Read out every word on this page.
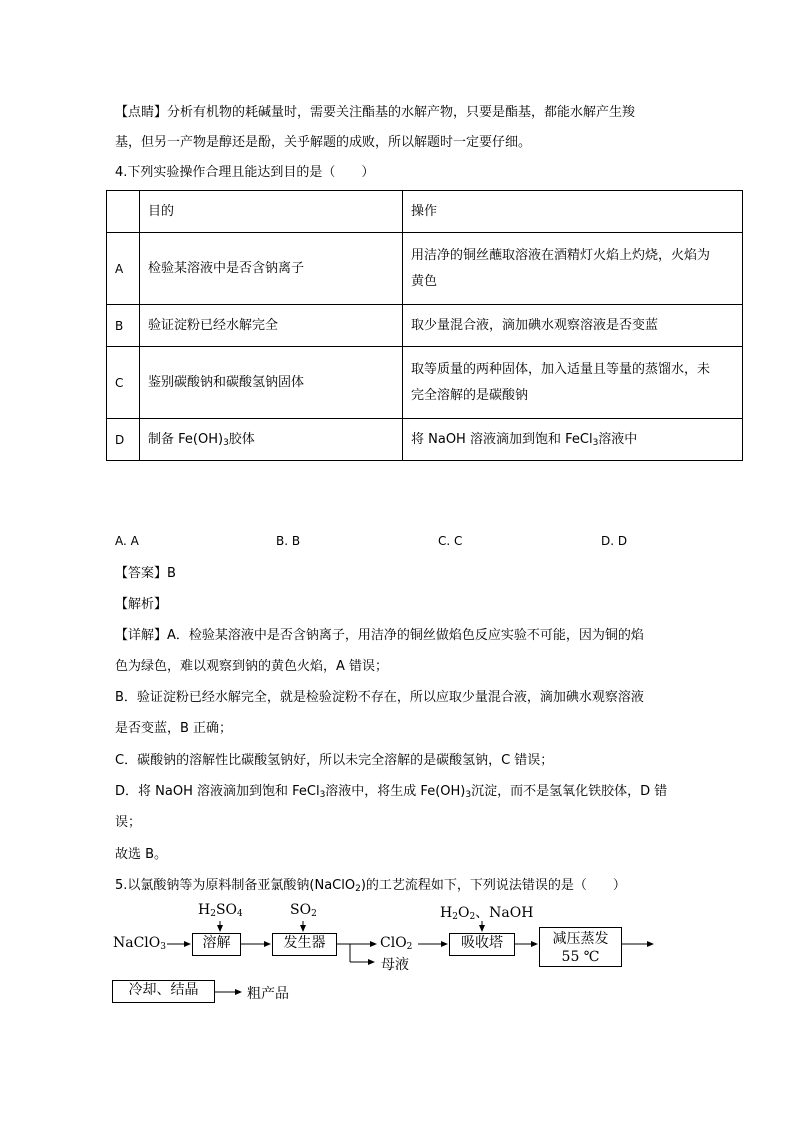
【点睛】分析有机物的耗碱量时，需要关注酯基的水解产物，只要是酯基，都能水解产生羧
基，但另一产物是醇还是酚，关乎解题的成败，所以解题时一定要仔细。
4.下列实验操作合理且能达到目的是（　　）
	目的	操作
A	检验某溶液中是否含钠离子	用洁净的铜丝蘸取溶液在酒精灯火焰上灼烧，火焰为
黄色

B	验证淀粉已经水解完全	取少量混合液，滴加碘水观察溶液是否变蓝
C	鉴别碳酸钠和碳酸氢钠固体	取等质量的两种固体，加入适量且等量的蒸馏水，未
完全溶解的是碳酸钠

D	制备 $Fe(OH)_3$胶体	将 NaOH 溶液滴加到饱和 FeCl$_3$溶液中
A. A	B. B	C. C	D. D
【答案】B
【解析】
【详解】A．检验某溶液中是否含钠离子，用洁净的铜丝做焰色反应实验不可能，因为铜的焰
色为绿色，难以观察到钠的黄色火焰，A 错误；
B．验证淀粉已经水解完全，就是检验淀粉不存在，所以应取少量混合液，滴加碘水观察溶液
是否变蓝，B 正确；
C．碳酸钠的溶解性比碳酸氢钠好，所以未完全溶解的是碳酸氢钠，C 错误；
D．将 NaOH 溶液滴加到饱和 FeCl$_3$溶液中，将生成 $Fe(OH)_3$沉淀，而不是氢氧化铁胶体，D 错
误；
故选 B。
5.以氯酸钠等为原料制备亚氯酸钠(NaClO$_2$)的工艺流程如下，下列说法错误的是（　　）
NaClO$_3$
$H_2SO_4$	$SO_2$
溶解	发生器	ClO$_2$
母液
$H_2O_2$、NaOH
吸收塔	减压蒸发
55 ℃
冷却、结晶	粗产品
